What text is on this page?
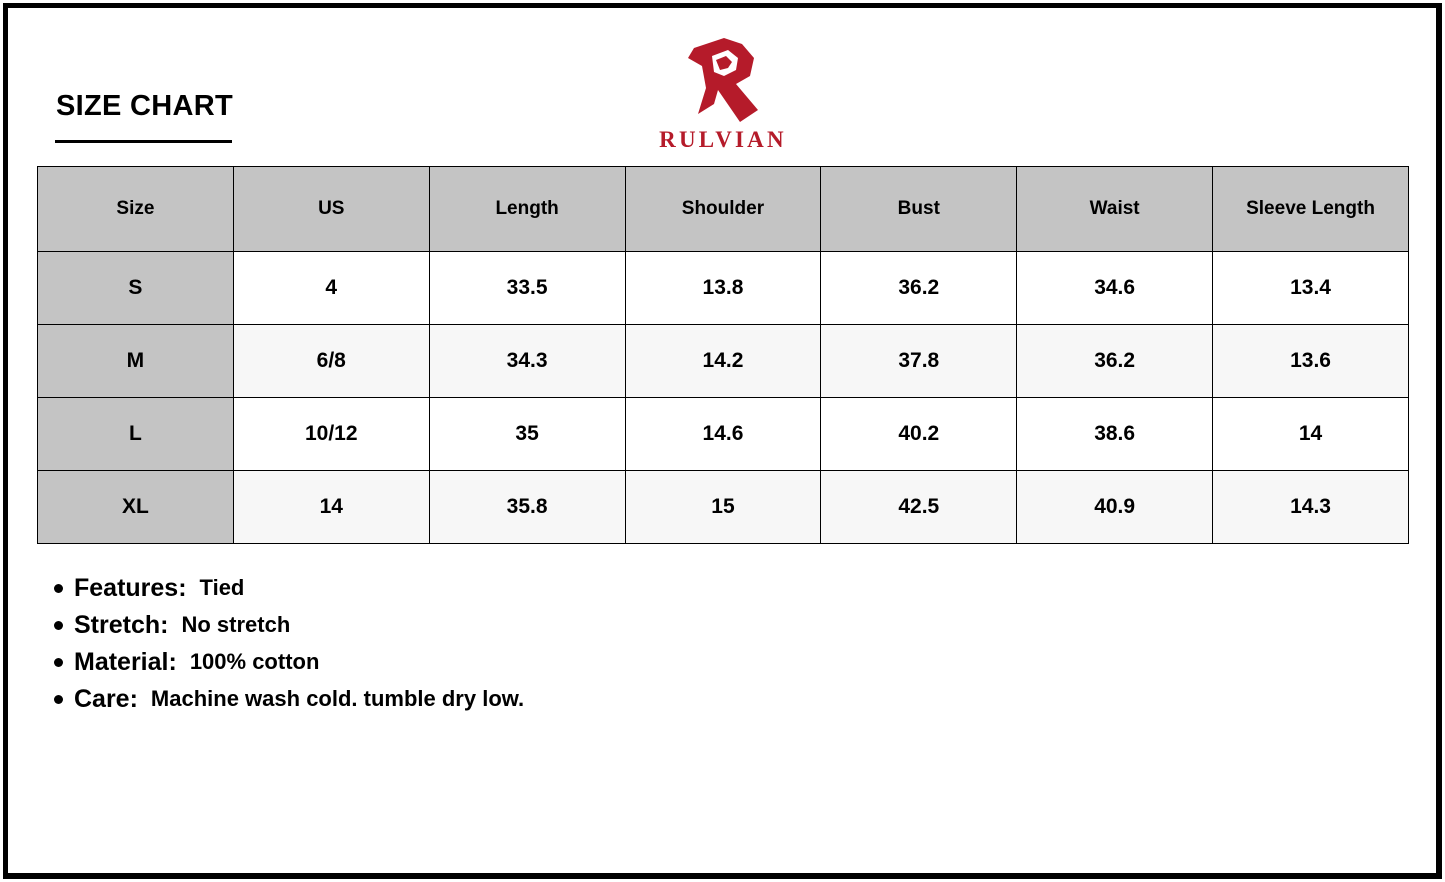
SIZE CHART
RULVIAN
Size	US	Length	Shoulder	Bust	Waist	Sleeve Length
S	4	33.5	13.8	36.2	34.6	13.4
M	6/8	34.3	14.2	37.8	36.2	13.6
L	10/12	35	14.6	40.2	38.6	14
XL	14	35.8	15	42.5	40.9	14.3
Features: Tied
Stretch: No stretch
Material: 100% cotton
Care: Machine wash cold. tumble dry low.
